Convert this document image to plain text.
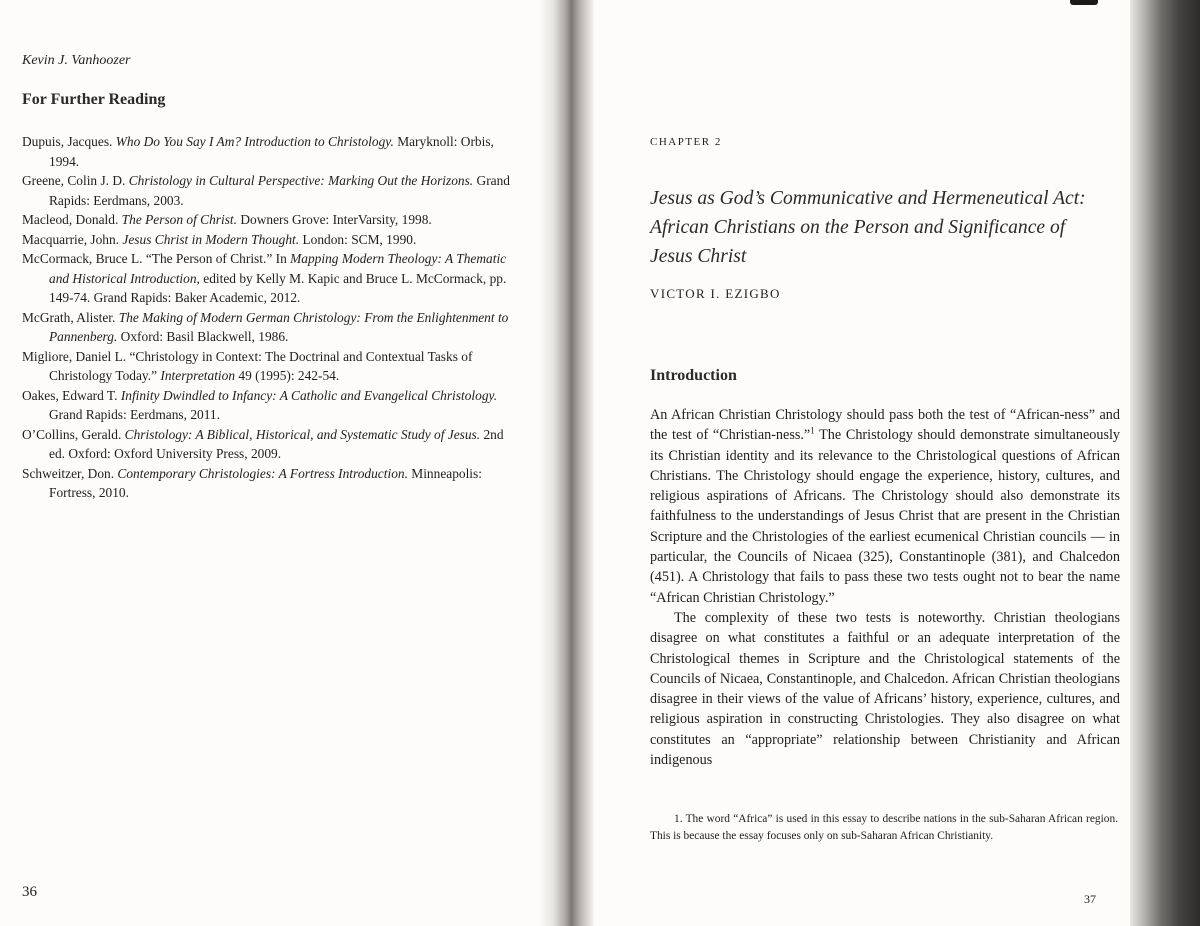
Kevin J. Vanhoozer
For Further Reading
Dupuis, Jacques. Who Do You Say I Am? Introduction to Christology. Maryknoll: Orbis, 1994.
Greene, Colin J. D. Christology in Cultural Perspective: Marking Out the Horizons. Grand Rapids: Eerdmans, 2003.
Macleod, Donald. The Person of Christ. Downers Grove: InterVarsity, 1998.
Macquarrie, John. Jesus Christ in Modern Thought. London: SCM, 1990.
McCormack, Bruce L. “The Person of Christ.” In Mapping Modern Theology: A Thematic and Historical Introduction, edited by Kelly M. Kapic and Bruce L. McCormack, pp. 149-74. Grand Rapids: Baker Academic, 2012.
McGrath, Alister. The Making of Modern German Christology: From the Enlightenment to Pannenberg. Oxford: Basil Blackwell, 1986.
Migliore, Daniel L. “Christology in Context: The Doctrinal and Contextual Tasks of Christology Today.” Interpretation 49 (1995): 242-54.
Oakes, Edward T. Infinity Dwindled to Infancy: A Catholic and Evangelical Christology. Grand Rapids: Eerdmans, 2011.
O’Collins, Gerald. Christology: A Biblical, Historical, and Systematic Study of Jesus. 2nd ed. Oxford: Oxford University Press, 2009.
Schweitzer, Don. Contemporary Christologies: A Fortress Introduction. Minneapolis: Fortress, 2010.
36
CHAPTER 2
Jesus as God’s Communicative and Hermeneutical Act: African Christians on the Person and Significance of Jesus Christ
VICTOR I. EZIGBO
Introduction

An African Christian Christology should pass both the test of “African-ness” and the test of “Christian-ness.”$^1$ The Christology should demonstrate simultaneously its Christian identity and its relevance to the Christological questions of African Christians. The Christology should engage the experience, history, cultures, and religious aspirations of Africans. The Christology should also demonstrate its faithfulness to the understandings of Jesus Christ that are present in the Christian Scripture and the Christologies of the earliest ecumenical Christian councils — in particular, the Councils of Nicaea (325), Constantinople (381), and Chalcedon (451). A Christology that fails to pass these two tests ought not to bear the name “African Christian Christology.”

The complexity of these two tests is noteworthy. Christian theologians disagree on what constitutes a faithful or an adequate interpretation of the Christological themes in Scripture and the Christological statements of the Councils of Nicaea, Constantinople, and Chalcedon. African Christian theologians disagree in their views of the value of Africans’ history, experience, cultures, and religious aspiration in constructing Christologies. They also disagree on what constitutes an “appropriate” relationship between Christianity and African indigenous

1. The word “Africa” is used in this essay to describe nations in the sub-Saharan African region. This is because the essay focuses only on sub-Saharan African Christianity.
37
